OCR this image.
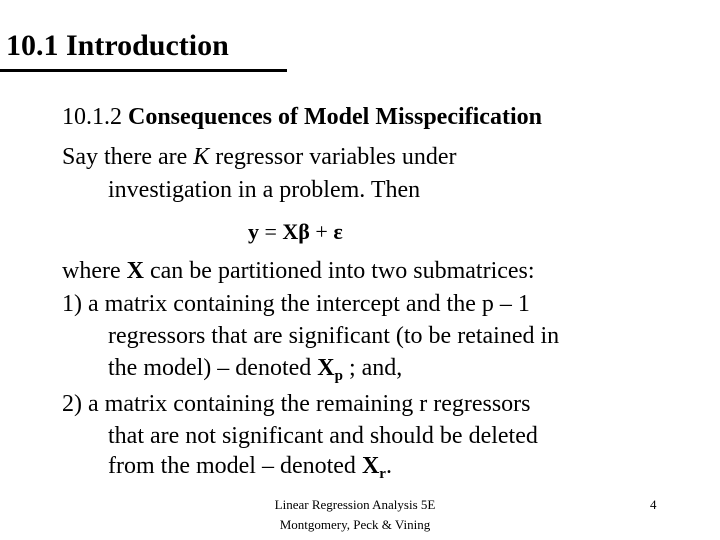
10.1 Introduction
10.1.2 Consequences of Model Misspecification
Say there are K regressor variables under
investigation in a problem. Then
where X can be partitioned into two submatrices:
1) a matrix containing the intercept and the p – 1
regressors that are significant (to be retained in
the model) – denoted $X_p$ ; and,
2) a matrix containing the remaining r regressors
that are not significant and should be deleted
from the model – denoted $X_r$.
y = Xβ + ε
Linear Regression Analysis 5E
Montgomery, Peck & Vining
4
